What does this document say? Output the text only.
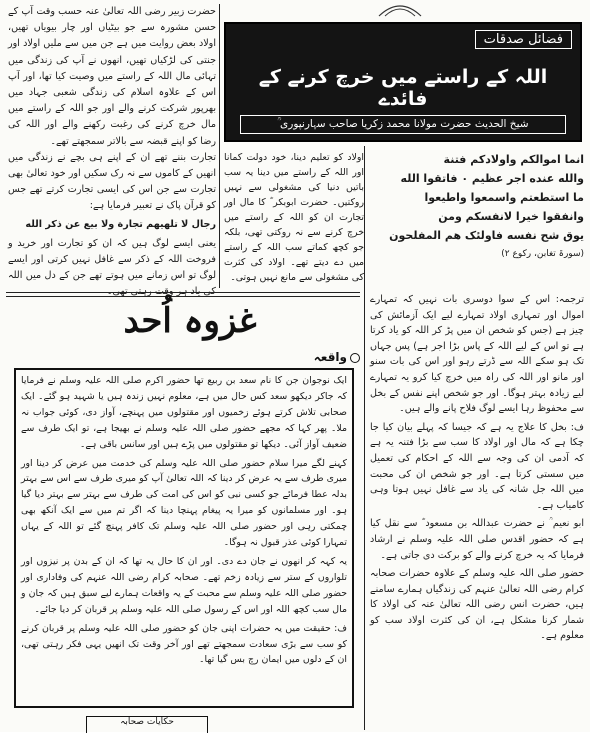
حضرت زبیر رضی اللہ تعالیٰ عنہ حسب وقت آپ کے حسن مشورہ سے جو بیٹیاں اور چار بیویاں تھیں، اولاد بعض روایت میں ہے جن میں سے ملیں اولاد اور جنتی کی لڑکیاں تھیں، انھوں نے آپ کی زندگی میں تہائی مال اللہ کے راستے میں وصیت کیا تھا، اور آپ اس کے علاوہ اسلام کی زندگی شعبی جہاد میں بھرپور شرکت کرنے والے اور جو اللہ کے راستے میں مال خرچ کرنے کی رغبت رکھنے والے اور اللہ کی رضا کو اپنے قبضہ سے بالاتر سمجھتے تھے۔

فضائل صدقات
اللہ کے راستے میں خرچ کرنے کے فائدے
شیخ الحدیث حضرت مولانا محمد زکریا صاحب سہارنپوری ؒ

تجارت بننے تھے ان کے اپنے ہی بچے نے زندگی میں انھیں کے کاموں سے نہ رک سکیں اور خود تعالیٰ بھی تجارت سے جن اس کی ایسی تجارت کرتے تھے جس کو قرآن پاک نے تعبیر فرمایا ہے:

رجال لا تلهیهم تجارة ولا بیع عن ذکر الله

یعنی ایسے لوگ ہیں کہ ان کو تجارت اور خرید و فروخت اللہ کے ذکر سے غافل نہیں کرتی اور ایسے لوگ تو اس زمانے میں ہوتے تھے جن کے دل میں اللہ کی یاد ہر وقت رہتی تھی۔

اولاد کو تعلیم دینا، خود دولت کمانا اور اللہ کے راستے میں دینا یہ سب باتیں دنیا کی مشغولی سے نہیں روکتیں۔ حضرت ابوبکر ؓ کا مال اور تجارت ان کو اللہ کے راستے میں خرچ کرنے سے نہ روکتی تھی، بلکہ جو کچھ کماتے سب اللہ کے راستے میں دے دیتے تھے۔ اولاد کی کثرت کی مشغولی سے مانع نہیں ہوتی۔

انما اموالکم واولادکم فتنة
والله عنده اجر عظیم ۰ فاتقوا الله
ما استطعتم واسمعوا واطیعوا
وانفقوا خیرا لانفسکم ومن
یوق شح نفسه فاولئک هم المفلحون
(سورۃ تغابن، رکوع ۲)
غزوہ اُحد
واقعہ

ایک نوجوان جن کا نام سعد بن ربیع تھا حضور اکرم صلی اللہ علیہ وسلم نے فرمایا کہ جاکر دیکھو سعد کس حال میں ہے، معلوم نہیں زندہ ہیں یا شہید ہو گئے۔ ایک صحابی تلاش کرتے ہوئے زخمیوں اور مقتولوں میں پہنچے، آواز دی، کوئی جواب نہ ملا۔ پھر کہا کہ مجھے حضور صلی اللہ علیہ وسلم نے بھیجا ہے، تو ایک طرف سے ضعیف آواز آئی۔ دیکھا تو مقتولوں میں پڑے ہیں اور سانس باقی ہے۔

کہنے لگے میرا سلام حضور صلی اللہ علیہ وسلم کی خدمت میں عرض کر دینا اور میری طرف سے یہ عرض کر دینا کہ اللہ تعالیٰ آپ کو میری طرف سے اس سے بہتر بدلہ عطا فرمائے جو کسی نبی کو اس کی امت کی طرف سے بہتر سے بہتر دیا گیا ہو۔ اور مسلمانوں کو میرا یہ پیغام پہنچا دینا کہ اگر تم میں سے ایک آنکھ بھی چمکتی رہی اور حضور صلی اللہ علیہ وسلم تک کافر پہنچ گئے تو اللہ کے یہاں تمہارا کوئی عذر قبول نہ ہوگا۔

یہ کہہ کر انھوں نے جان دے دی۔ اور ان کا حال یہ تھا کہ ان کے بدن پر نیزوں اور تلواروں کے ستر سے زیادہ زخم تھے۔ صحابہ کرام رضی اللہ عنہم کی وفاداری اور حضور صلی اللہ علیہ وسلم سے محبت کے یہ واقعات ہمارے لیے سبق ہیں کہ جان و مال سب کچھ اللہ اور اس کے رسول صلی اللہ علیہ وسلم پر قربان کر دیا جائے۔

ف: حقیقت میں یہ حضرات اپنی جان کو حضور صلی اللہ علیہ وسلم پر قربان کرنے کو سب سے بڑی سعادت سمجھتے تھے اور آخر وقت تک انھیں یہی فکر رہتی تھی، ان کے دلوں میں ایمان رچ بس گیا تھا۔

ترجمہ: اس کے سوا دوسری بات نہیں کہ تمہارے اموال اور تمہاری اولاد تمہارے لیے ایک آزمائش کی چیز ہے (جس کو شخص ان میں پڑ کر اللہ کو یاد کرتا ہے تو اس کے لیے اللہ کے پاس بڑا اجر ہے) پس جہاں تک ہو سکے اللہ سے ڈرتے رہو اور اس کی بات سنو اور مانو اور اللہ کی راہ میں خرچ کیا کرو یہ تمہارے لیے زیادہ بہتر ہوگا۔ اور جو شخص اپنے نفس کے بخل سے محفوظ رہا ایسے لوگ فلاح پانے والے ہیں۔

ف: بخل کا علاج یہ ہے کہ جیسا کہ پہلے بیان کیا جا چکا ہے کہ مال اور اولاد کا سب سے بڑا فتنہ یہ ہے کہ آدمی ان کی وجہ سے اللہ کے احکام کی تعمیل میں سستی کرتا ہے۔ اور جو شخص ان کی محبت میں اللہ جل شانہ کی یاد سے غافل نہیں ہوتا وہی کامیاب ہے۔

ابو نعیم ؒ نے حضرت عبداللہ بن مسعود ؓ سے نقل کیا ہے کہ حضور اقدس صلی اللہ علیہ وسلم نے ارشاد فرمایا کہ یہ خرچ کرنے والے کو برکت دی جاتی ہے۔

حضور صلی اللہ علیہ وسلم کے علاوہ حضرات صحابہ کرام رضی اللہ تعالیٰ عنہم کی زندگیاں ہمارے سامنے ہیں، حضرت انس رضی اللہ تعالیٰ عنہ کی اولاد کا شمار کرنا مشکل ہے، ان کی کثرت اولاد سب کو معلوم ہے۔

حکایات صحابہ
